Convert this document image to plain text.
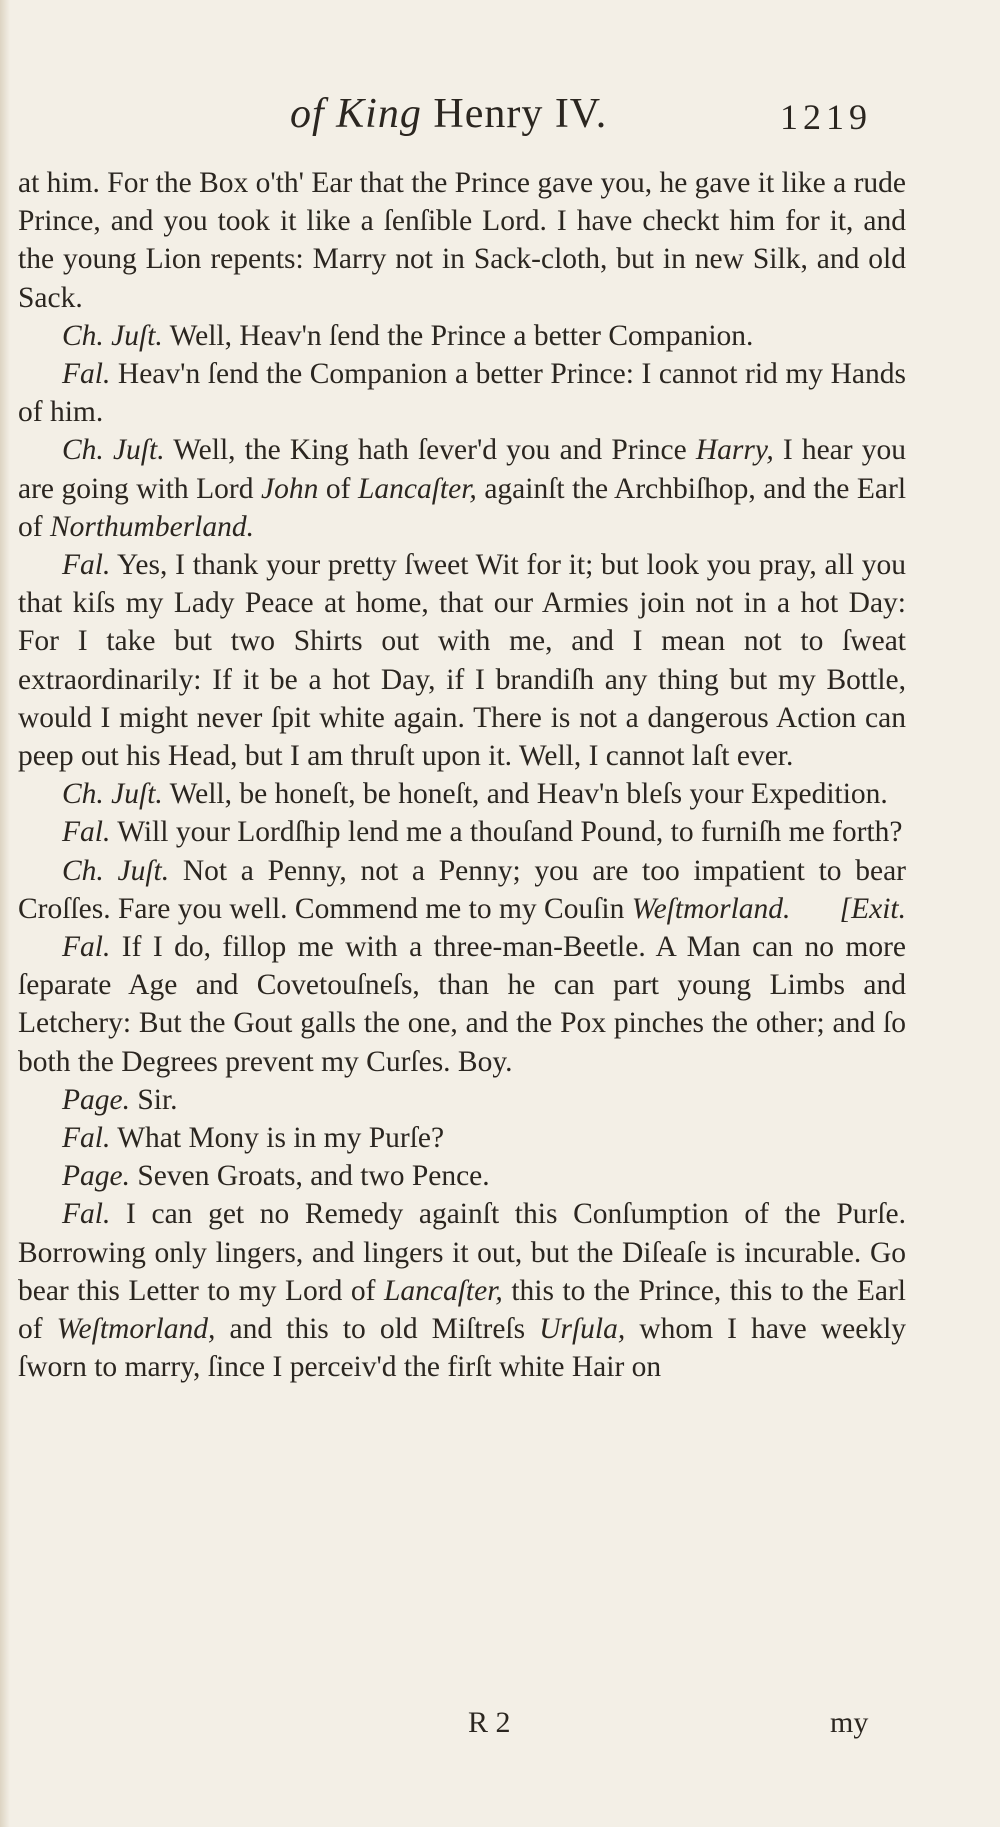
of King Henry IV.	1219

at him. For the Box o'th' Ear that the Prince gave you, he gave it like a rude Prince, and you took it like a ſenſible Lord. I have checkt him for it, and the young Lion repents: Marry not in Sack-cloth, but in new Silk, and old Sack.

Ch. Juſt. Well, Heav'n ſend the Prince a better Companion.

Fal. Heav'n ſend the Companion a better Prince: I cannot rid my Hands of him.

Ch. Juſt. Well, the King hath ſever'd you and Prince Harry, I hear you are going with Lord John of Lancaſter, againſt the Archbiſhop, and the Earl of Northumberland.

Fal. Yes, I thank your pretty ſweet Wit for it; but look you pray, all you that kiſs my Lady Peace at home, that our Armies join not in a hot Day: For I take but two Shirts out with me, and I mean not to ſweat extraordinarily: If it be a hot Day, if I brandiſh any thing but my Bottle, would I might never ſpit white again. There is not a dangerous Action can peep out his Head, but I am thruſt upon it. Well, I cannot laſt ever.

Ch. Juſt. Well, be honeſt, be honeſt, and Heav'n bleſs your Expedition.

Fal. Will your Lordſhip lend me a thouſand Pound, to furniſh me forth?

Ch. Juſt. Not a Penny, not a Penny; you are too impatient to bear Croſſes. Fare you well. Commend me to my Couſin Weſtmorland.	[Exit.

Fal. If I do, fillop me with a three-man-Beetle. A Man can no more ſeparate Age and Covetouſneſs, than he can part young Limbs and Letchery: But the Gout galls the one, and the Pox pinches the other; and ſo both the Degrees prevent my Curſes. Boy.

Page. Sir.

Fal. What Mony is in my Purſe?

Page. Seven Groats, and two Pence.

Fal. I can get no Remedy againſt this Conſumption of the Purſe. Borrowing only lingers, and lingers it out, but the Diſeaſe is incurable. Go bear this Letter to my Lord of Lancaſter, this to the Prince, this to the Earl of Weſtmorland, and this to old Miſtreſs Urſula, whom I have weekly ſworn to marry, ſince I perceiv'd the firſt white Hair on

R 2	my
